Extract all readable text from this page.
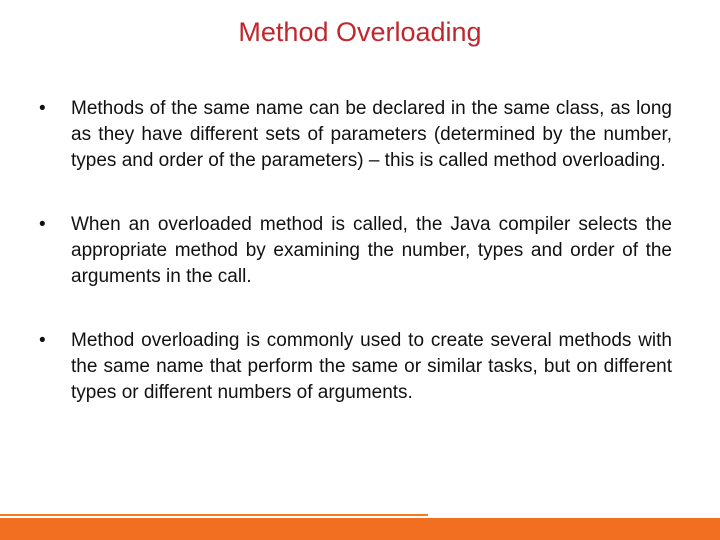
Method Overloading
• Methods of the same name can be declared in the same class, as long as they have different sets of parameters (determined by the number, types and order of the parameters) – this is called method overloading.
• When an overloaded method is called, the Java compiler selects the appropriate method by examining the number, types and order of the arguments in the call.
• Method overloading is commonly used to create several methods with the same name that perform the same or similar tasks, but on different types or different numbers of arguments.
